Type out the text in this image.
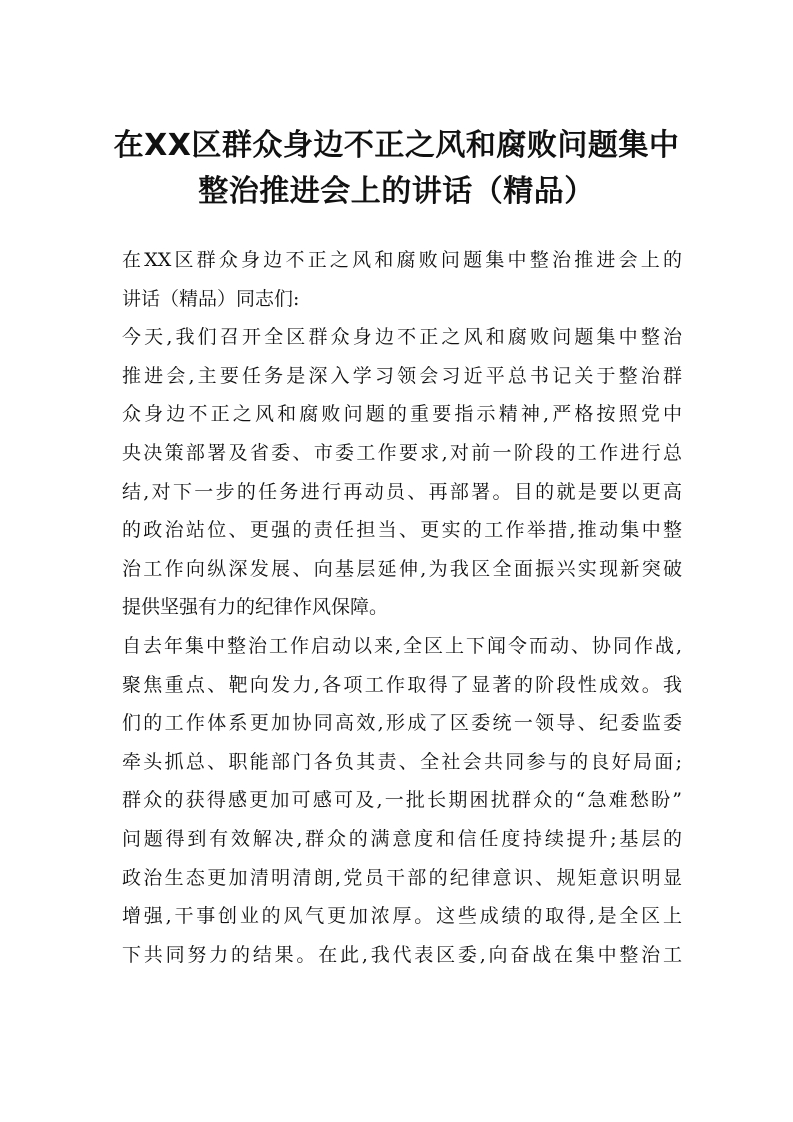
在XX区群众身边不正之风和腐败问题集中
整治推进会上的讲话（精品）
在XX区群众身边不正之风和腐败问题集中整治推进会上的
讲话（精品）同志们:
今天,我们召开全区群众身边不正之风和腐败问题集中整治
推进会,主要任务是深入学习领会习近平总书记关于整治群
众身边不正之风和腐败问题的重要指示精神,严格按照党中
央决策部署及省委、市委工作要求,对前一阶段的工作进行总
结,对下一步的任务进行再动员、再部署。目的就是要以更高
的政治站位、更强的责任担当、更实的工作举措,推动集中整
治工作向纵深发展、向基层延伸,为我区全面振兴实现新突破
提供坚强有力的纪律作风保障。
自去年集中整治工作启动以来,全区上下闻令而动、协同作战,
聚焦重点、靶向发力,各项工作取得了显著的阶段性成效。我
们的工作体系更加协同高效,形成了区委统一领导、纪委监委
牵头抓总、职能部门各负其责、全社会共同参与的良好局面;
群众的获得感更加可感可及,一批长期困扰群众的“急难愁盼”
问题得到有效解决,群众的满意度和信任度持续提升;基层的
政治生态更加清明清朗,党员干部的纪律意识、规矩意识明显
增强,干事创业的风气更加浓厚。这些成绩的取得,是全区上
下共同努力的结果。在此,我代表区委,向奋战在集中整治工
